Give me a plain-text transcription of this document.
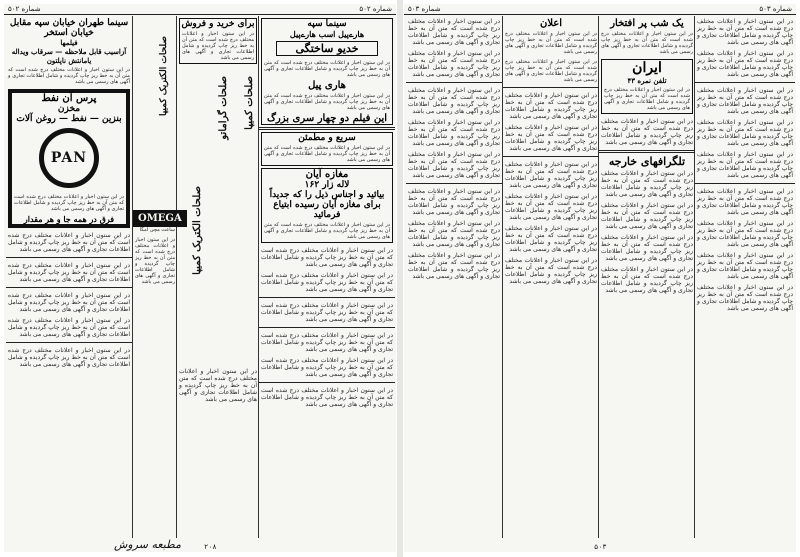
شماره ۵۰۲
شماره ۵۰۲
سینما سپه
هارےپیل اسب هارےپیل
خدیو ساختگی
در این ستون اخبار و اعلانات مختلف درج شده است که متن آن به خط ریز چاپ گردیده و شامل اطلاعات تجاری و آگهی های رسمی می باشد
هاری پیل
در این ستون اخبار و اعلانات مختلف درج شده است که متن آن به خط ریز چاپ گردیده و شامل اطلاعات تجاری و آگهی های رسمی می باشد
این فیلم دو چهار سری بزرگ
سریع و مطمئن
در این ستون اخبار و اعلانات مختلف درج شده است که متن آن به خط ریز چاپ گردیده و شامل اطلاعات تجاری و آگهی های رسمی می باشد
مغازه آیان
لاله زار ۱۶۲
بیائید و اجناس ذیل را که جدیداً
برای مغازه آیان رسیده ابتیاع فرمائید
در این ستون اخبار و اعلانات مختلف درج شده است که متن آن به خط ریز چاپ گردیده و شامل اطلاعات تجاری و آگهی های رسمی می باشد
در این ستون اخبار و اعلانات مختلف درج شده است که متن آن به خط ریز چاپ گردیده و شامل اطلاعات تجاری و آگهی های رسمی می باشد
در این ستون اخبار و اعلانات مختلف درج شده است که متن آن به خط ریز چاپ گردیده و شامل اطلاعات تجاری و آگهی های رسمی می باشد
در این ستون اخبار و اعلانات مختلف درج شده است که متن آن به خط ریز چاپ گردیده و شامل اطلاعات تجاری و آگهی های رسمی می باشد
در این ستون اخبار و اعلانات مختلف درج شده است که متن آن به خط ریز چاپ گردیده و شامل اطلاعات تجاری و آگهی های رسمی می باشد
در این ستون اخبار و اعلانات مختلف درج شده است که متن آن به خط ریز چاپ گردیده و شامل اطلاعات تجاری و آگهی های رسمی می باشد
در این ستون اخبار و اعلانات مختلف درج شده است که متن آن به خط ریز چاپ گردیده و شامل اطلاعات تجاری و آگهی های رسمی می باشد
برای خرید و فروش
در این ستون اخبار و اعلانات مختلف درج شده است که متن آن به خط ریز چاپ گردیده و شامل اطلاعات تجاری و آگهی های رسمی می باشد
صلحات کمیپا
صلحات گراماتو
صلحات الکتریک کمیپا
در این ستون اخبار و اعلانات مختلف درج شده است که متن آن به خط ریز چاپ گردیده و شامل اطلاعات تجاری و آگهی های رسمی می باشد
صلحات الکتریک کمیپا
OMEGA
ساعت مچی امگا
در این ستون اخبار و اعلانات مختلف درج شده است که متن آن به خط ریز چاپ گردیده و شامل اطلاعات تجاری و آگهی های رسمی می باشد
سینما طهران خیابان سپه مقابل خیابان استخر
فیلمها
آزاسیب قابل ملاحظه — سرقاب ویداله یامانتش ناپلتون
در این ستون اخبار و اعلانات مختلف درج شده است که متن آن به خط ریز چاپ گردیده و شامل اطلاعات تجاری و آگهی های رسمی می باشد
پرس آن نفط
مخزن
بنزین — نفط — روغن آلات
PAN
در این ستون اخبار و اعلانات مختلف درج شده است که متن آن به خط ریز چاپ گردیده و شامل اطلاعات تجاری و آگهی های رسمی می باشد
فرق در همه جا و هر مقدار
در این ستون اخبار و اعلانات مختلف درج شده است که متن آن به خط ریز چاپ گردیده و شامل اطلاعات تجاری و آگهی های رسمی می باشد
در این ستون اخبار و اعلانات مختلف درج شده است که متن آن به خط ریز چاپ گردیده و شامل اطلاعات تجاری و آگهی های رسمی می باشد
در این ستون اخبار و اعلانات مختلف درج شده است که متن آن به خط ریز چاپ گردیده و شامل اطلاعات تجاری و آگهی های رسمی می باشد
در این ستون اخبار و اعلانات مختلف درج شده است که متن آن به خط ریز چاپ گردیده و شامل اطلاعات تجاری و آگهی های رسمی می باشد
در این ستون اخبار و اعلانات مختلف درج شده است که متن آن به خط ریز چاپ گردیده و شامل اطلاعات تجاری و آگهی های رسمی می باشد
مطبعه سروش	۲۰۸
شماره ۵۰۳
شماره ۵۰۳
در این ستون اخبار و اعلانات مختلف درج شده است که متن آن به خط ریز چاپ گردیده و شامل اطلاعات تجاری و آگهی های رسمی می باشد
در این ستون اخبار و اعلانات مختلف درج شده است که متن آن به خط ریز چاپ گردیده و شامل اطلاعات تجاری و آگهی های رسمی می باشد
در این ستون اخبار و اعلانات مختلف درج شده است که متن آن به خط ریز چاپ گردیده و شامل اطلاعات تجاری و آگهی های رسمی می باشد
در این ستون اخبار و اعلانات مختلف درج شده است که متن آن به خط ریز چاپ گردیده و شامل اطلاعات تجاری و آگهی های رسمی می باشد
در این ستون اخبار و اعلانات مختلف درج شده است که متن آن به خط ریز چاپ گردیده و شامل اطلاعات تجاری و آگهی های رسمی می باشد
در این ستون اخبار و اعلانات مختلف درج شده است که متن آن به خط ریز چاپ گردیده و شامل اطلاعات تجاری و آگهی های رسمی می باشد
در این ستون اخبار و اعلانات مختلف درج شده است که متن آن به خط ریز چاپ گردیده و شامل اطلاعات تجاری و آگهی های رسمی می باشد
در این ستون اخبار و اعلانات مختلف درج شده است که متن آن به خط ریز چاپ گردیده و شامل اطلاعات تجاری و آگهی های رسمی می باشد
در این ستون اخبار و اعلانات مختلف درج شده است که متن آن به خط ریز چاپ گردیده و شامل اطلاعات تجاری و آگهی های رسمی می باشد
یک شب پر افتخار
در این ستون اخبار و اعلانات مختلف درج شده است که متن آن به خط ریز چاپ گردیده و شامل اطلاعات تجاری و آگهی های رسمی می باشد
ایران
تلفن نمره ۴۳
در این ستون اخبار و اعلانات مختلف درج شده است که متن آن به خط ریز چاپ گردیده و شامل اطلاعات تجاری و آگهی های رسمی می باشد
در این ستون اخبار و اعلانات مختلف درج شده است که متن آن به خط ریز چاپ گردیده و شامل اطلاعات تجاری و آگهی های رسمی می باشد
تلگرافهای خارجه
در این ستون اخبار و اعلانات مختلف درج شده است که متن آن به خط ریز چاپ گردیده و شامل اطلاعات تجاری و آگهی های رسمی می باشد
در این ستون اخبار و اعلانات مختلف درج شده است که متن آن به خط ریز چاپ گردیده و شامل اطلاعات تجاری و آگهی های رسمی می باشد
در این ستون اخبار و اعلانات مختلف درج شده است که متن آن به خط ریز چاپ گردیده و شامل اطلاعات تجاری و آگهی های رسمی می باشد
در این ستون اخبار و اعلانات مختلف درج شده است که متن آن به خط ریز چاپ گردیده و شامل اطلاعات تجاری و آگهی های رسمی می باشد
اعلان
در این ستون اخبار و اعلانات مختلف درج شده است که متن آن به خط ریز چاپ گردیده و شامل اطلاعات تجاری و آگهی های رسمی می باشد
در این ستون اخبار و اعلانات مختلف درج شده است که متن آن به خط ریز چاپ گردیده و شامل اطلاعات تجاری و آگهی های رسمی می باشد
در این ستون اخبار و اعلانات مختلف درج شده است که متن آن به خط ریز چاپ گردیده و شامل اطلاعات تجاری و آگهی های رسمی می باشد
در این ستون اخبار و اعلانات مختلف درج شده است که متن آن به خط ریز چاپ گردیده و شامل اطلاعات تجاری و آگهی های رسمی می باشد
در این ستون اخبار و اعلانات مختلف درج شده است که متن آن به خط ریز چاپ گردیده و شامل اطلاعات تجاری و آگهی های رسمی می باشد
در این ستون اخبار و اعلانات مختلف درج شده است که متن آن به خط ریز چاپ گردیده و شامل اطلاعات تجاری و آگهی های رسمی می باشد
در این ستون اخبار و اعلانات مختلف درج شده است که متن آن به خط ریز چاپ گردیده و شامل اطلاعات تجاری و آگهی های رسمی می باشد
در این ستون اخبار و اعلانات مختلف درج شده است که متن آن به خط ریز چاپ گردیده و شامل اطلاعات تجاری و آگهی های رسمی می باشد
در این ستون اخبار و اعلانات مختلف درج شده است که متن آن به خط ریز چاپ گردیده و شامل اطلاعات تجاری و آگهی های رسمی می باشد
در این ستون اخبار و اعلانات مختلف درج شده است که متن آن به خط ریز چاپ گردیده و شامل اطلاعات تجاری و آگهی های رسمی می باشد
در این ستون اخبار و اعلانات مختلف درج شده است که متن آن به خط ریز چاپ گردیده و شامل اطلاعات تجاری و آگهی های رسمی می باشد
در این ستون اخبار و اعلانات مختلف درج شده است که متن آن به خط ریز چاپ گردیده و شامل اطلاعات تجاری و آگهی های رسمی می باشد
در این ستون اخبار و اعلانات مختلف درج شده است که متن آن به خط ریز چاپ گردیده و شامل اطلاعات تجاری و آگهی های رسمی می باشد
در این ستون اخبار و اعلانات مختلف درج شده است که متن آن به خط ریز چاپ گردیده و شامل اطلاعات تجاری و آگهی های رسمی می باشد
در این ستون اخبار و اعلانات مختلف درج شده است که متن آن به خط ریز چاپ گردیده و شامل اطلاعات تجاری و آگهی های رسمی می باشد
در این ستون اخبار و اعلانات مختلف درج شده است که متن آن به خط ریز چاپ گردیده و شامل اطلاعات تجاری و آگهی های رسمی می باشد
۵۰۳
